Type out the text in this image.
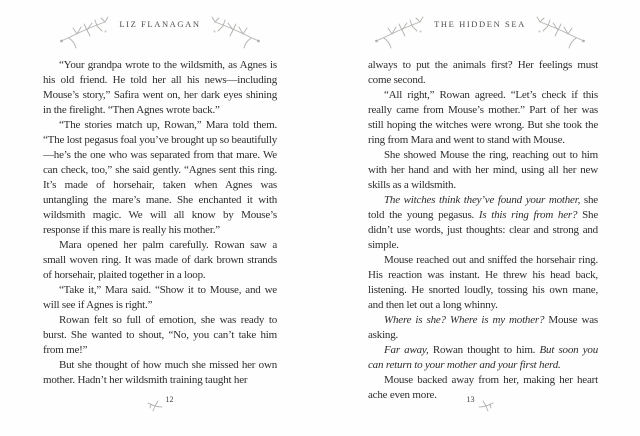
LIZ FLANAGAN

“Your grandpa wrote to the wildsmith, as Agnes is his old friend. He told her all his news—including Mouse’s story,” Safira went on, her dark eyes shining in the firelight. “Then Agnes wrote back.”

“The stories match up, Rowan,” Mara told them. “The lost pegasus foal you’ve brought up so beautifully—he’s the one who was separated from that mare. We can check, too,” she said gently. “Agnes sent this ring. It’s made of horsehair, taken when Agnes was untangling the mare’s mane. She enchanted it with wildsmith magic. We will all know by Mouse’s response if this mare is really his mother.”

Mara opened her palm carefully. Rowan saw a small woven ring. It was made of dark brown strands of horsehair, plaited together in a loop.

“Take it,” Mara said. “Show it to Mouse, and we will see if Agnes is right.”

Rowan felt so full of emotion, she was ready to burst. She wanted to shout, “No, you can’t take him from me!”

But she thought of how much she missed her own mother. Hadn’t her wildsmith training taught her

12
THE HIDDEN SEA

always to put the animals first? Her feelings must come second.

“All right,” Rowan agreed. “Let’s check if this really came from Mouse’s mother.” Part of her was still hoping the witches were wrong. But she took the ring from Mara and went to stand with Mouse.

She showed Mouse the ring, reaching out to him with her hand and with her mind, using all her new skills as a wildsmith.

The witches think they’ve found your mother, she told the young pegasus. Is this ring from her? She didn’t use words, just thoughts: clear and strong and simple.

Mouse reached out and sniffed the horsehair ring. His reaction was instant. He threw his head back, listening. He snorted loudly, tossing his own mane, and then let out a long whinny.

Where is she? Where is my mother? Mouse was asking.

Far away, Rowan thought to him. But soon you can return to your mother and your first herd.

Mouse backed away from her, making her heart ache even more.	13
